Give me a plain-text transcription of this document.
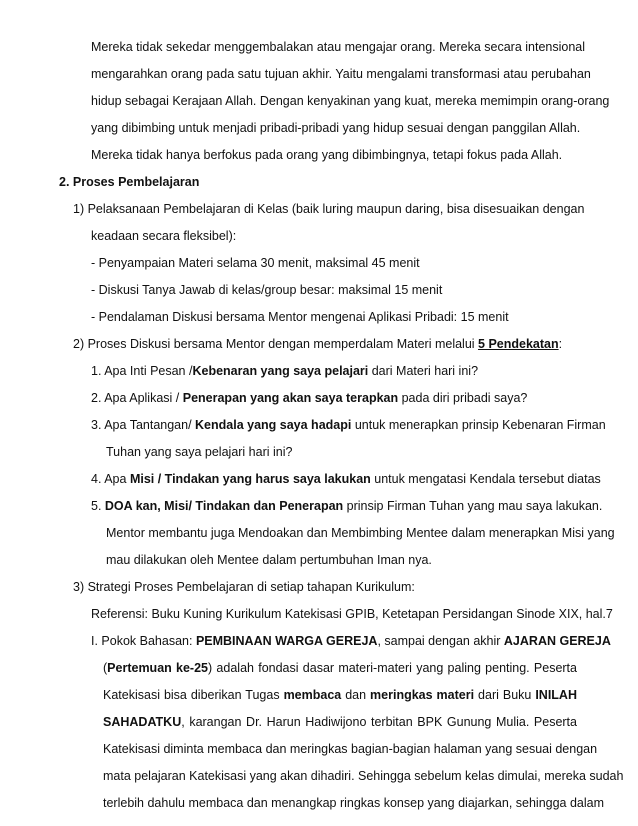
Mereka tidak sekedar menggembalakan atau mengajar orang. Mereka secara intensional
mengarahkan orang pada satu tujuan akhir. Yaitu mengalami transformasi atau perubahan
hidup sebagai Kerajaan Allah. Dengan kenyakinan yang kuat, mereka memimpin orang-orang
yang dibimbing untuk menjadi pribadi-pribadi yang hidup sesuai dengan panggilan Allah.
Mereka tidak hanya berfokus pada orang yang dibimbingnya, tetapi fokus pada Allah.
2. Proses Pembelajaran
1) Pelaksanaan Pembelajaran di Kelas (baik luring maupun daring, bisa disesuaikan dengan
keadaan secara fleksibel):
- Penyampaian Materi selama 30 menit, maksimal 45 menit
- Diskusi Tanya Jawab di kelas/group besar: maksimal 15 menit
- Pendalaman Diskusi bersama Mentor mengenai Aplikasi Pribadi: 15 menit
2) Proses Diskusi bersama Mentor dengan memperdalam Materi melalui 5 Pendekatan:
1. Apa Inti Pesan /Kebenaran yang saya pelajari dari Materi hari ini?
2. Apa Aplikasi / Penerapan yang akan saya terapkan pada diri pribadi saya?
3. Apa Tantangan/ Kendala yang saya hadapi untuk menerapkan prinsip Kebenaran Firman
Tuhan yang saya pelajari hari ini?
4. Apa Misi / Tindakan yang harus saya lakukan untuk mengatasi Kendala tersebut diatas
5. DOA kan, Misi/ Tindakan dan Penerapan prinsip Firman Tuhan yang mau saya lakukan.
Mentor membantu juga Mendoakan dan Membimbing Mentee dalam menerapkan Misi yang
mau dilakukan oleh Mentee dalam pertumbuhan Iman nya.
3) Strategi Proses Pembelajaran di setiap tahapan Kurikulum:
Referensi: Buku Kuning Kurikulum Katekisasi GPIB, Ketetapan Persidangan Sinode XIX, hal.7
I. Pokok Bahasan: PEMBINAAN WARGA GEREJA, sampai dengan akhir AJARAN GEREJA
(Pertemuan ke-25) adalah fondasi dasar materi-materi yang paling penting. Peserta
Katekisasi bisa diberikan Tugas membaca dan meringkas materi dari Buku INILAH
SAHADATKU, karangan Dr. Harun Hadiwijono terbitan BPK Gunung Mulia. Peserta
Katekisasi diminta membaca dan meringkas bagian-bagian halaman yang sesuai dengan
mata pelajaran Katekisasi yang akan dihadiri. Sehingga sebelum kelas dimulai, mereka sudah
terlebih dahulu membaca dan menangkap ringkas konsep yang diajarkan, sehingga dalam
